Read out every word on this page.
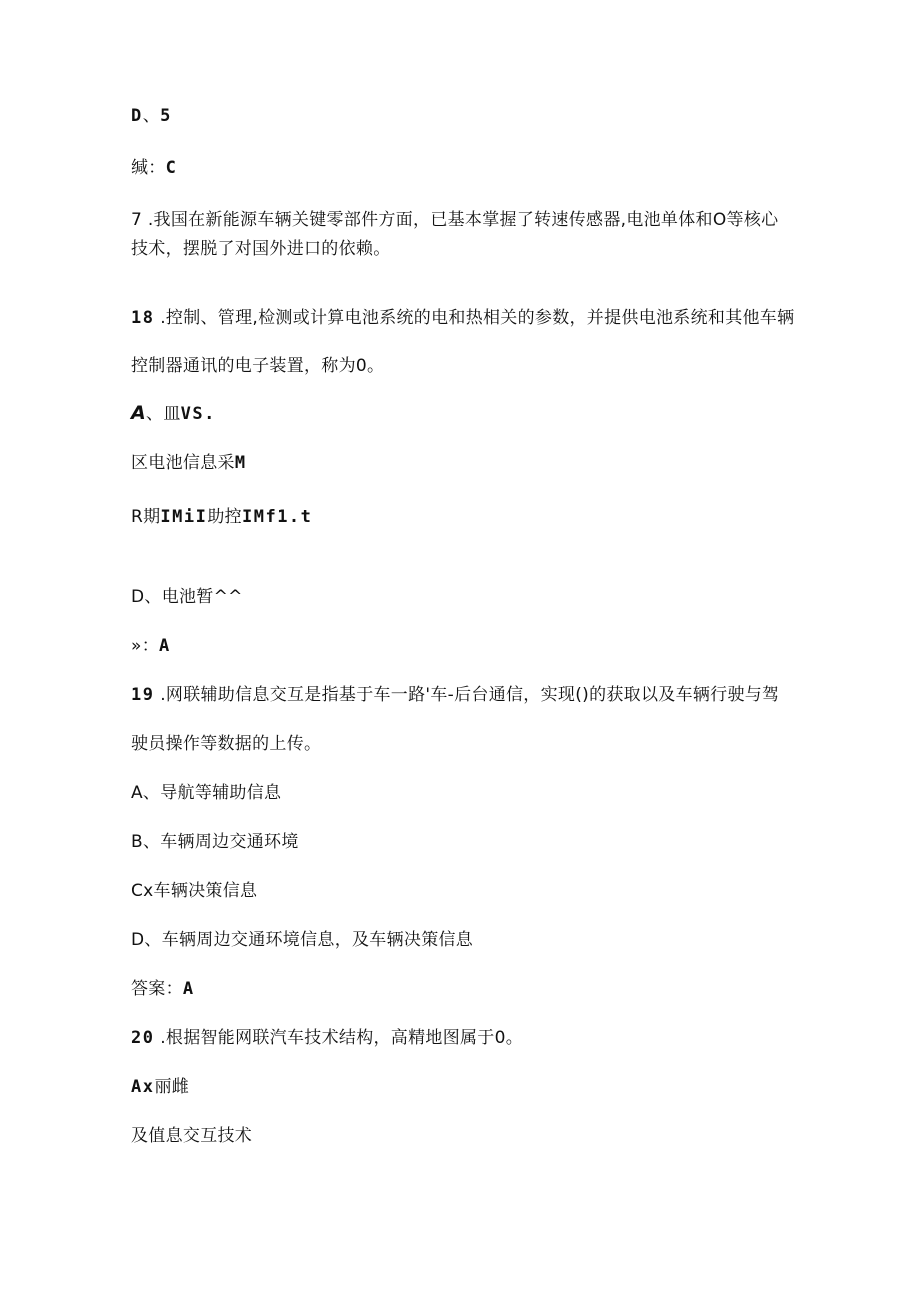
D、5
缄：C
7 .我国在新能源车辆关键零部件方面，已基本掌握了转速传感器,电池单体和O等核心
技术，摆脱了对国外进口的依赖。
18 .控制、管理,检测或计算电池系统的电和热相关的参数，并提供电池系统和其他车辆
控制器通讯的电子装置，称为0。
A、皿VS.
区电池信息采M
R期IMiI助控IMf1.t
D、电池暂^^
»：A
19 .网联辅助信息交互是指基于车一路'车-后台通信，实现()的获取以及车辆行驶与驾
驶员操作等数据的上传。
A、导航等辅助信息
B、车辆周边交通环境
Cx车辆决策信息
D、车辆周边交通环境信息，及车辆决策信息
答案：A
20 .根据智能网联汽车技术结构，高精地图属于0。
Ax丽雌
及值息交互技术
